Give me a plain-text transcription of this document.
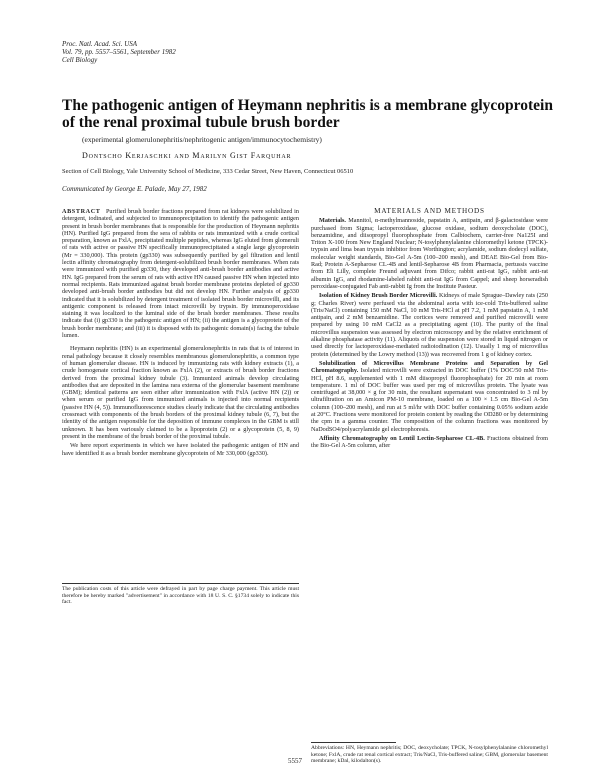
Proc. Natl. Acad. Sci. USA
Vol. 79, pp. 5557–5561, September 1982
Cell Biology
The pathogenic antigen of Heymann nephritis is a membrane glycoprotein of the renal proximal tubule brush border
(experimental glomerulonephritis/nephritogenic antigen/immunocytochemistry)
Dontscho Kerjaschki and Marilyn Gist Farquhar
Section of Cell Biology, Yale University School of Medicine, 333 Cedar Street, New Haven, Connecticut 06510
Communicated by George E. Palade, May 27, 1982

ABSTRACT Purified brush border fractions prepared from rat kidneys were solubilized in detergent, iodinated, and subjected to immunoprecipitation to identify the pathogenic antigen present in brush border membranes that is responsible for the production of Heymann nephritis (HN). Purified IgG prepared from the sera of rabbits or rats immunized with a crude cortical preparation, known as FxlA, precipitated multiple peptides, whereas IgG eluted from glomeruli of rats with active or passive HN specifically immunoprecipitated a single large glycoprotein (Mr = 330,000). This protein (gp330) was subsequently purified by gel filtration and lentil lectin affinity chromatography from detergent-solubilized brush border membranes. When rats were immunized with purified gp330, they developed anti-brush border antibodies and active HN. IgG prepared from the serum of rats with active HN caused passive HN when injected into normal recipients. Rats immunized against brush border membrane proteins depleted of gp330 developed anti-brush border antibodies but did not develop HN. Further analysis of gp330 indicated that it is solubilized by detergent treatment of isolated brush border microvilli, and its antigenic component is released from intact microvilli by trypsin. By immunoperoxidase staining it was localized to the luminal side of the brush border membranes. These results indicate that (i) gp330 is the pathogenic antigen of HN; (ii) the antigen is a glycoprotein of the brush border membrane; and (iii) it is disposed with its pathogenic domain(s) facing the tubule lumen.

Heymann nephritis (HN) is an experimental glomerulonephritis in rats that is of interest in renal pathology because it closely resembles membranous glomerulonephritis, a common type of human glomerular disease. HN is induced by immunizing rats with kidney extracts (1), a crude homogenate cortical fraction known as FxlA (2), or extracts of brush border fractions derived from the proximal kidney tubule (3). Immunized animals develop circulating antibodies that are deposited in the lamina rara externa of the glomerular basement membrane (GBM); identical patterns are seen either after immunization with FxlA (active HN (2)) or when serum or purified IgG from immunized animals is injected into normal recipients (passive HN (4, 5)). Immunofluorescence studies clearly indicate that the circulating antibodies crossreact with components of the brush borders of the proximal kidney tubule (6, 7), but the identity of the antigen responsible for the deposition of immune complexes in the GBM is still unknown. It has been variously claimed to be a lipoprotein (2) or a glycoprotein (5, 8, 9) present in the membrane of the brush border of the proximal tubule.

We here report experiments in which we have isolated the pathogenic antigen of HN and have identified it as a brush border membrane glycoprotein of Mr 330,000 (gp330).

The publication costs of this article were defrayed in part by page charge payment. This article must therefore be hereby marked "advertisement" in accordance with 18 U. S. C. §1734 solely to indicate this fact.

MATERIALS AND METHODS

Materials. Mannitol, α-methylmannoside, papstatin A, antipain, and β-galactosidase were purchased from Sigma; lactoperoxidase, glucose oxidase, sodium deoxycholate (DOC), benzamidine, and diisopropyl fluorophosphate from Calbiochem, carrier-free Na125I and Triton X-100 from New England Nuclear; N-tosylphenylalanine chloromethyl ketone (TPCK)-trypsin and lima bean trypsin inhibitor from Worthington; acrylamide, sodium dodecyl sulfate, molecular weight standards, Bio-Gel A-5m (100–200 mesh), and DEAE Bio-Gel from Bio-Rad; Protein A-Sepharose CL-4B and lentil-Sepharose 4B from Pharmacia, pertussis vaccine from Eli Lilly, complete Freund adjuvant from Difco; rabbit anti-rat IgG, rabbit anti-rat albumin IgG, and rhodamine-labeled rabbit anti-rat IgG from Cappel; and sheep horseradish peroxidase-conjugated Fab anti-rabbit Ig from the Institute Pasteur.

Isolation of Kidney Brush Border Microvilli. Kidneys of male Sprague–Dawley rats (250 g; Charles River) were perfused via the abdominal aorta with ice-cold Tris-buffered saline (Tris/NaCl) containing 150 mM NaCl, 10 mM Tris-HCl at pH 7.2, 1 mM papstatin A, 1 mM antipain, and 2 mM benzamidine. The cortices were removed and purified microvilli were prepared by using 10 mM CaCl2 as a precipitating agent (10). The purity of the final microvillus suspension was assessed by electron microscopy and by the relative enrichment of alkaline phosphatase activity (11). Aliquots of the suspension were stored in liquid nitrogen or used directly for lactoperoxidase-mediated radioiodination (12). Usually 1 mg of microvillus protein (determined by the Lowry method (13)) was recovered from 1 g of kidney cortex.

Solubilization of Microvillus Membrane Proteins and Separation by Gel Chromatography. Isolated microvilli were extracted in DOC buffer (1% DOC/50 mM Tris-HCl, pH 8.6, supplemented with 1 mM diisopropyl fluorophosphate) for 20 min at room temperature. 1 ml of DOC buffer was used per mg of microvillus protein. The lysate was centrifuged at 38,000 × g for 30 min, the resultant supernatant was concentrated to 3 ml by ultrafiltration on an Amicon PM-10 membrane, loaded on a 100 × 1.5 cm Bio-Gel A-5m column (100–200 mesh), and run at 5 ml/hr with DOC buffer containing 0.05% sodium azide at 20°C. Fractions were monitored for protein content by reading the OD280 or by determining the cpm in a gamma counter. The composition of the column fractions was monitored by NaDodSO4/polyacrylamide gel electrophoresis.

Affinity Chromatography on Lentil Lectin-Sepharose CL-4B. Fractions obtained from the Bio-Gel A-5m column, after

Abbreviations: HN, Heymann nephritis; DOC, deoxycholate; TPCK, N-tosylphenylalanine chloromethyl ketone; FxlA, crude rat renal cortical extract; Tris/NaCl, Tris-buffered saline; GBM, glomerular basement membrane; kDal, kilodalton(s).
5557
